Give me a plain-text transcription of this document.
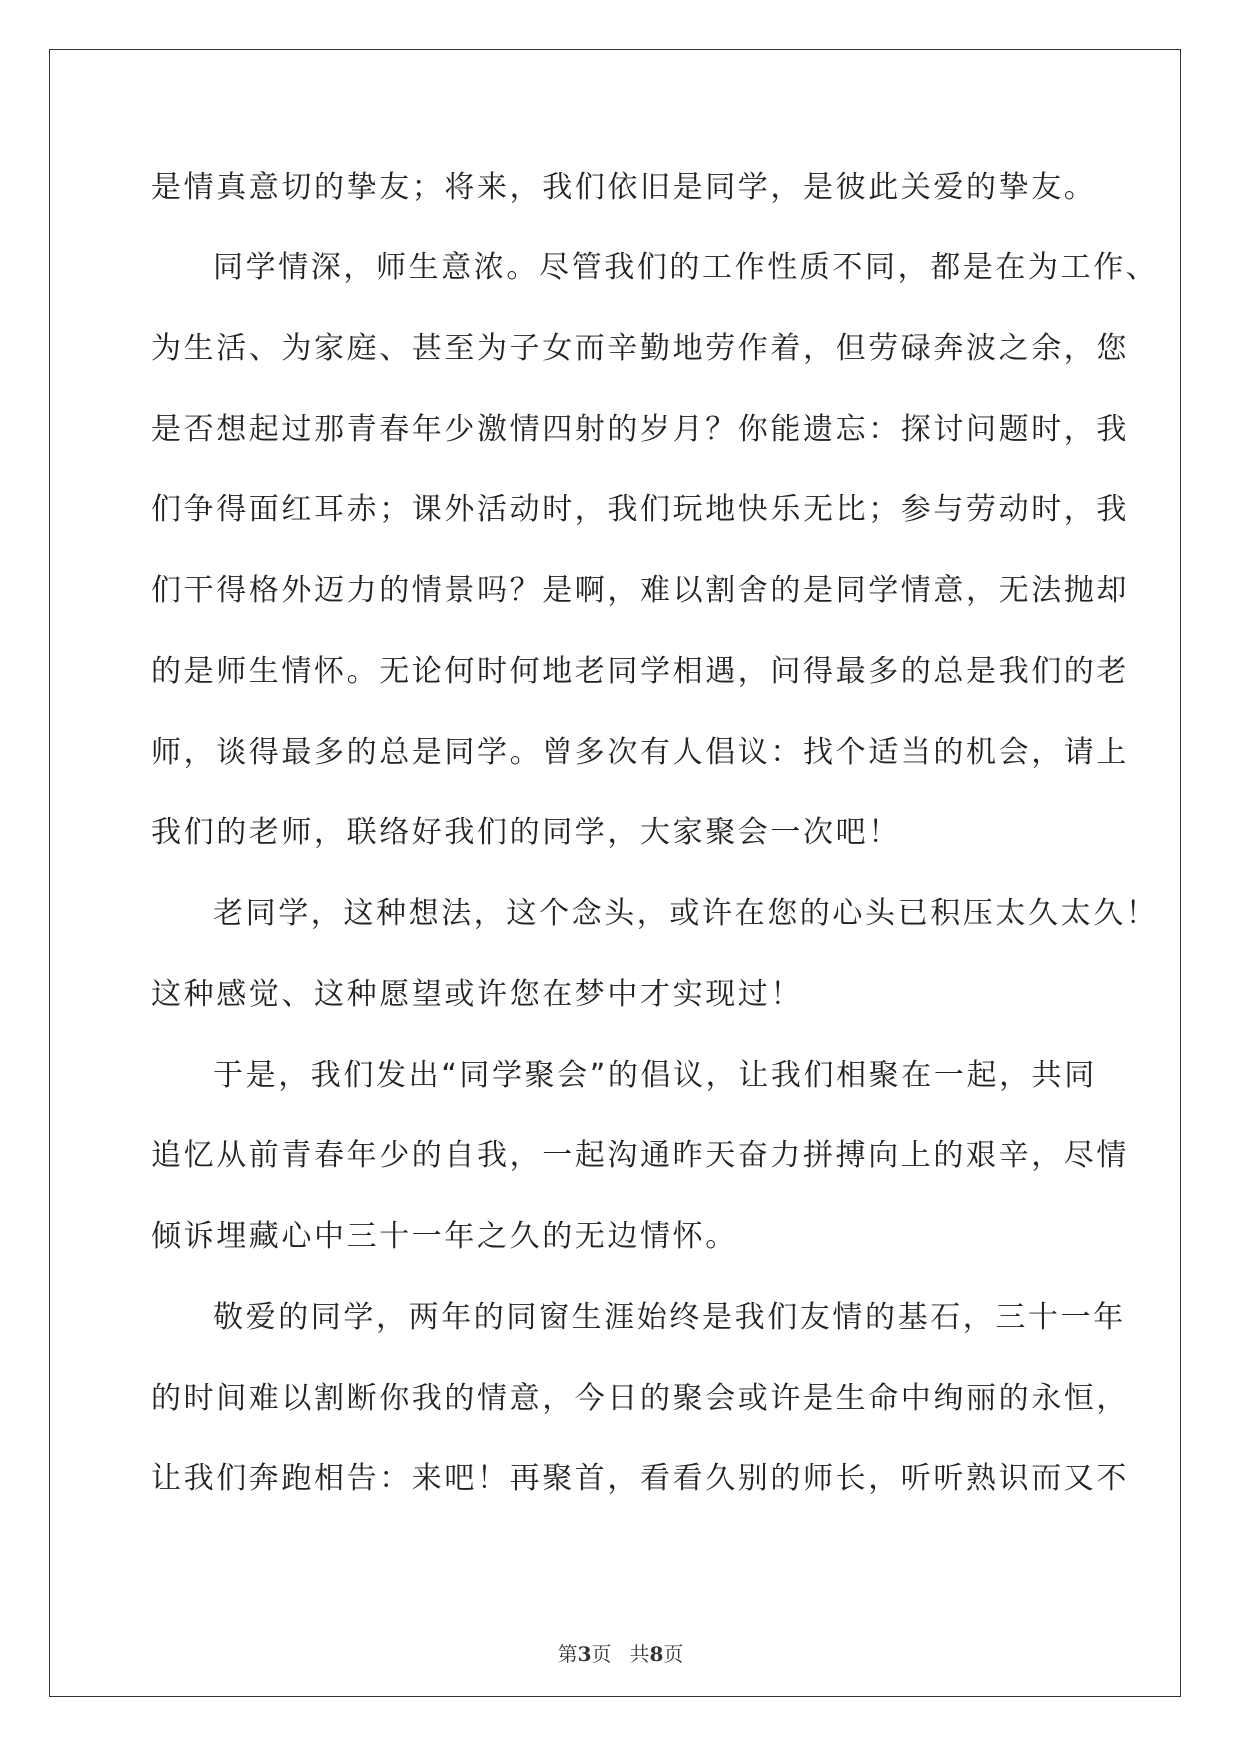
是情真意切的挚友；将来，我们依旧是同学，是彼此关爱的挚友。
同学情深，师生意浓。尽管我们的工作性质不同，都是在为工作、
为生活、为家庭、甚至为子女而辛勤地劳作着，但劳碌奔波之余，您
是否想起过那青春年少激情四射的岁月？你能遗忘：探讨问题时，我
们争得面红耳赤；课外活动时，我们玩地快乐无比；参与劳动时，我
们干得格外迈力的情景吗？是啊，难以割舍的是同学情意，无法抛却
的是师生情怀。无论何时何地老同学相遇，问得最多的总是我们的老
师，谈得最多的总是同学。曾多次有人倡议：找个适当的机会，请上
我们的老师，联络好我们的同学，大家聚会一次吧！
老同学，这种想法，这个念头，或许在您的心头已积压太久太久！
这种感觉、这种愿望或许您在梦中才实现过！
于是，我们发出“同学聚会”的倡议，让我们相聚在一起，共同
追忆从前青春年少的自我，一起沟通昨天奋力拼搏向上的艰辛，尽情
倾诉埋藏心中三十一年之久的无边情怀。
敬爱的同学，两年的同窗生涯始终是我们友情的基石，三十一年
的时间难以割断你我的情意，今日的聚会或许是生命中绚丽的永恒，
让我们奔跑相告：来吧！再聚首，看看久别的师长，听听熟识而又不
第3页 共8页
